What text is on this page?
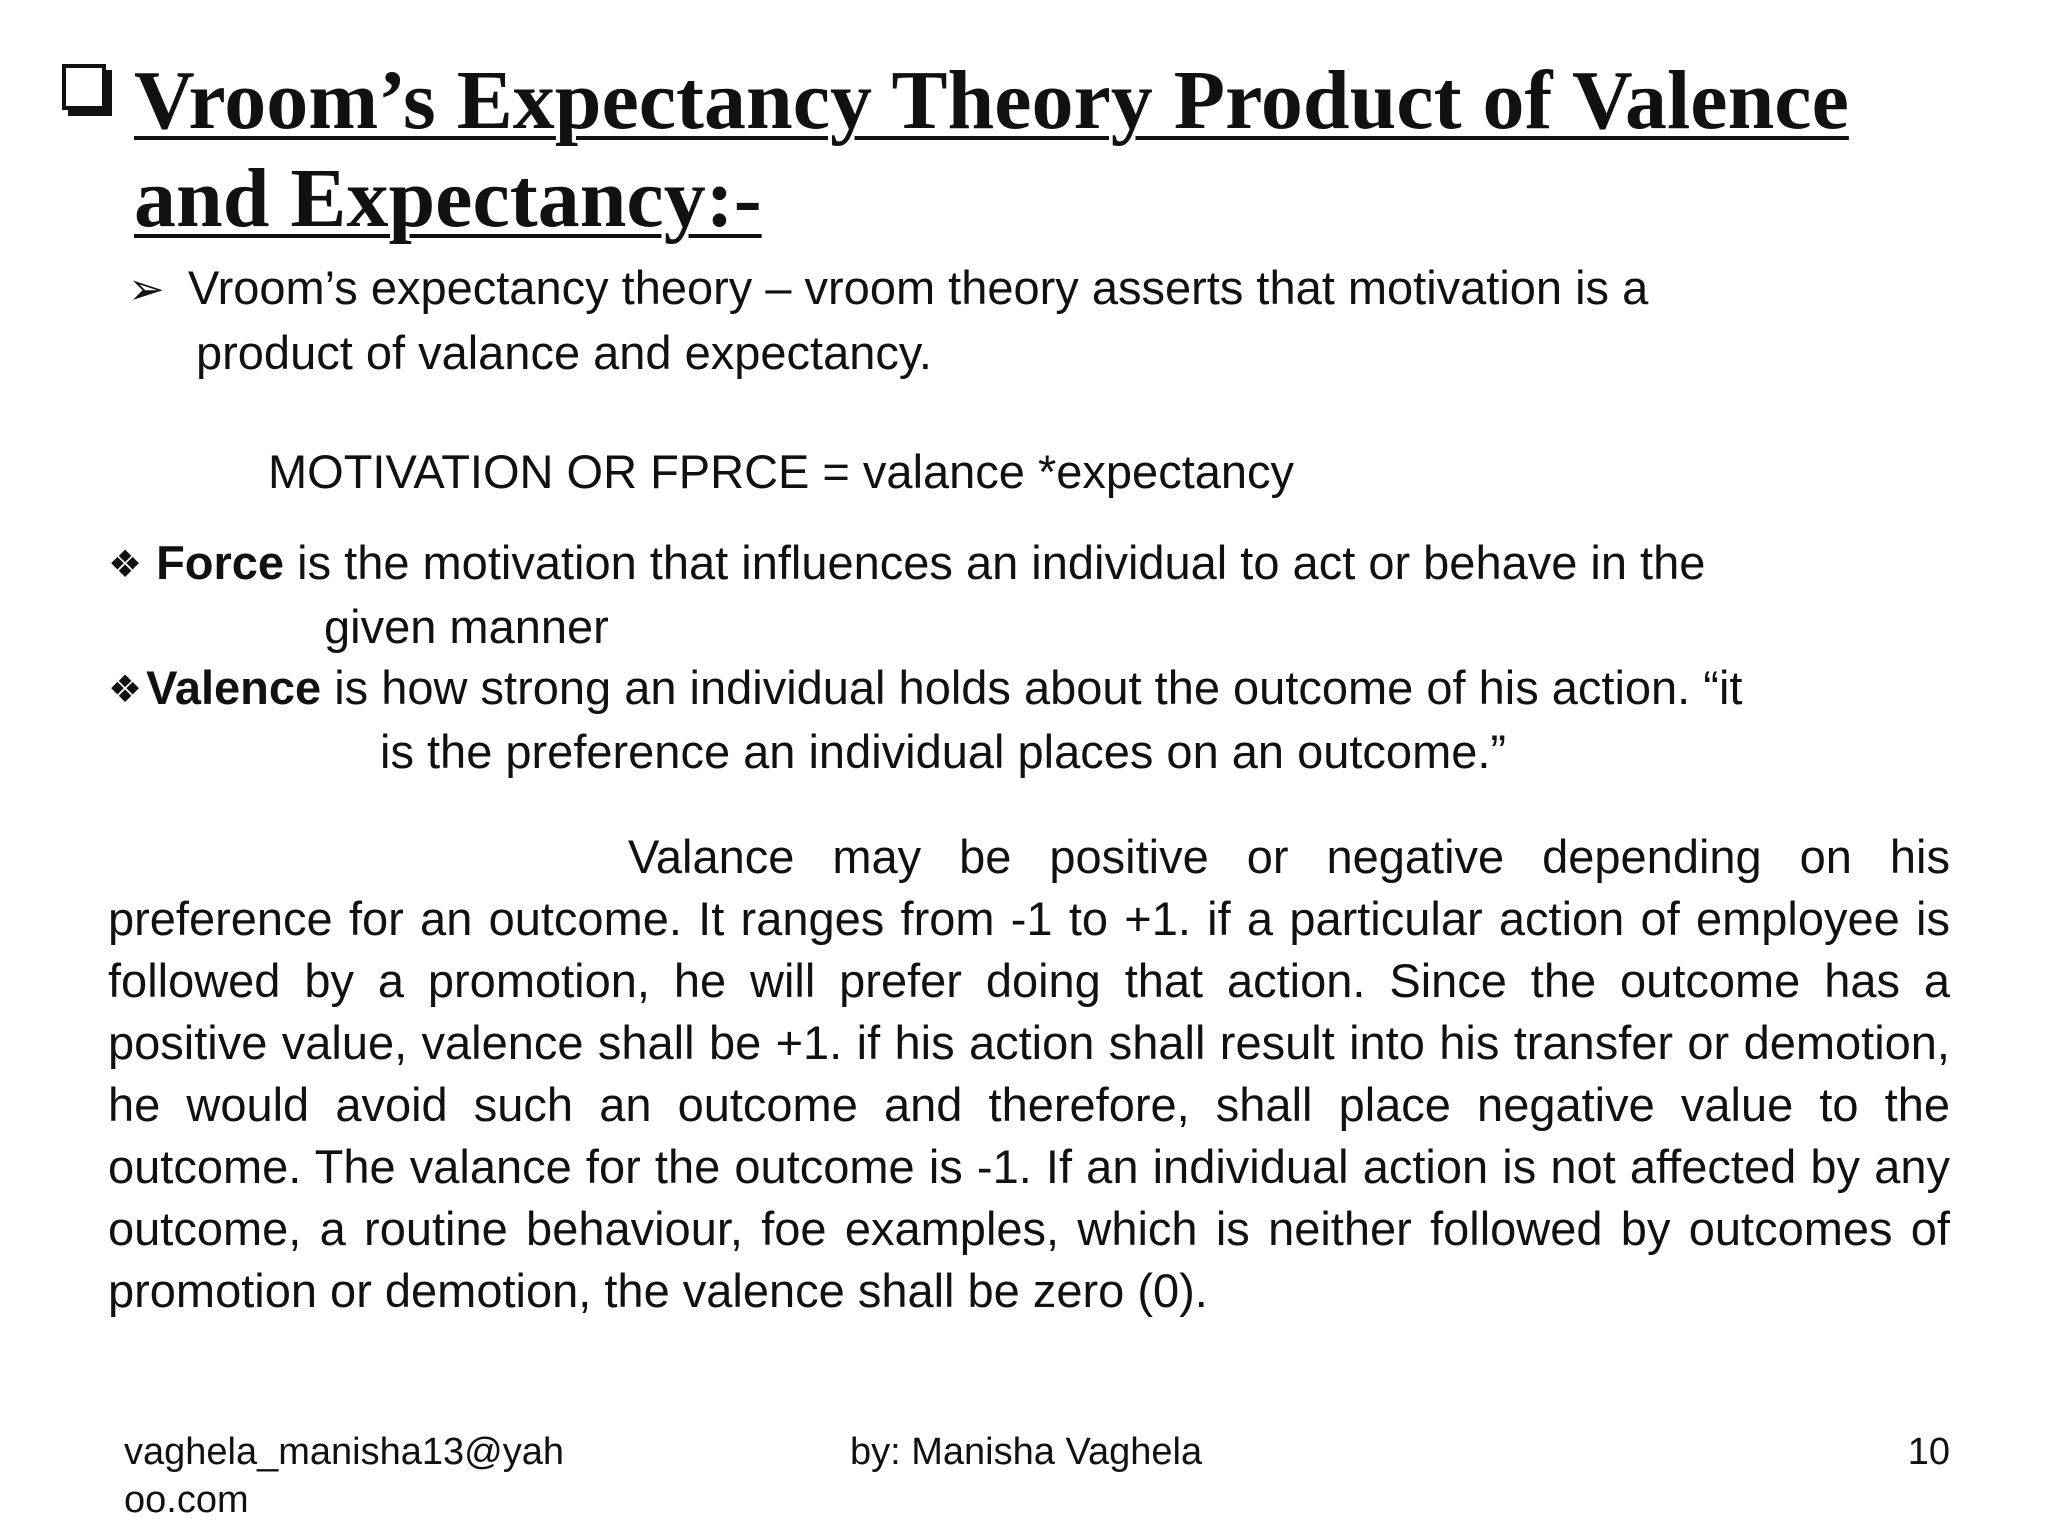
Vroom’s Expectancy Theory Product of Valence and Expectancy:-
➢ Vroom’s expectancy theory – vroom theory asserts that motivation is a
product of valance and expectancy.
MOTIVATION OR FPRCE = valance *expectancy
❖ Force is the motivation that influences an individual to act or behave in the
given manner
❖Valence is how strong an individual holds about the outcome of his action. “it
is the preference an individual places on an outcome.”
Valance may be positive or negative depending on his preference for an outcome. It ranges from -1 to +1. if a particular action of employee is followed by a promotion, he will prefer doing that action. Since the outcome has a positive value, valence shall be +1. if his action shall result into his transfer or demotion, he would avoid such an outcome and therefore, shall place negative value to the outcome. The valance for the outcome is -1. If an individual action is not affected by any outcome, a routine behaviour, foe examples, which is neither followed by outcomes of promotion or demotion, the valence shall be zero (0).
vaghela_manisha13@yahoo.com
by: Manisha Vaghela	10
